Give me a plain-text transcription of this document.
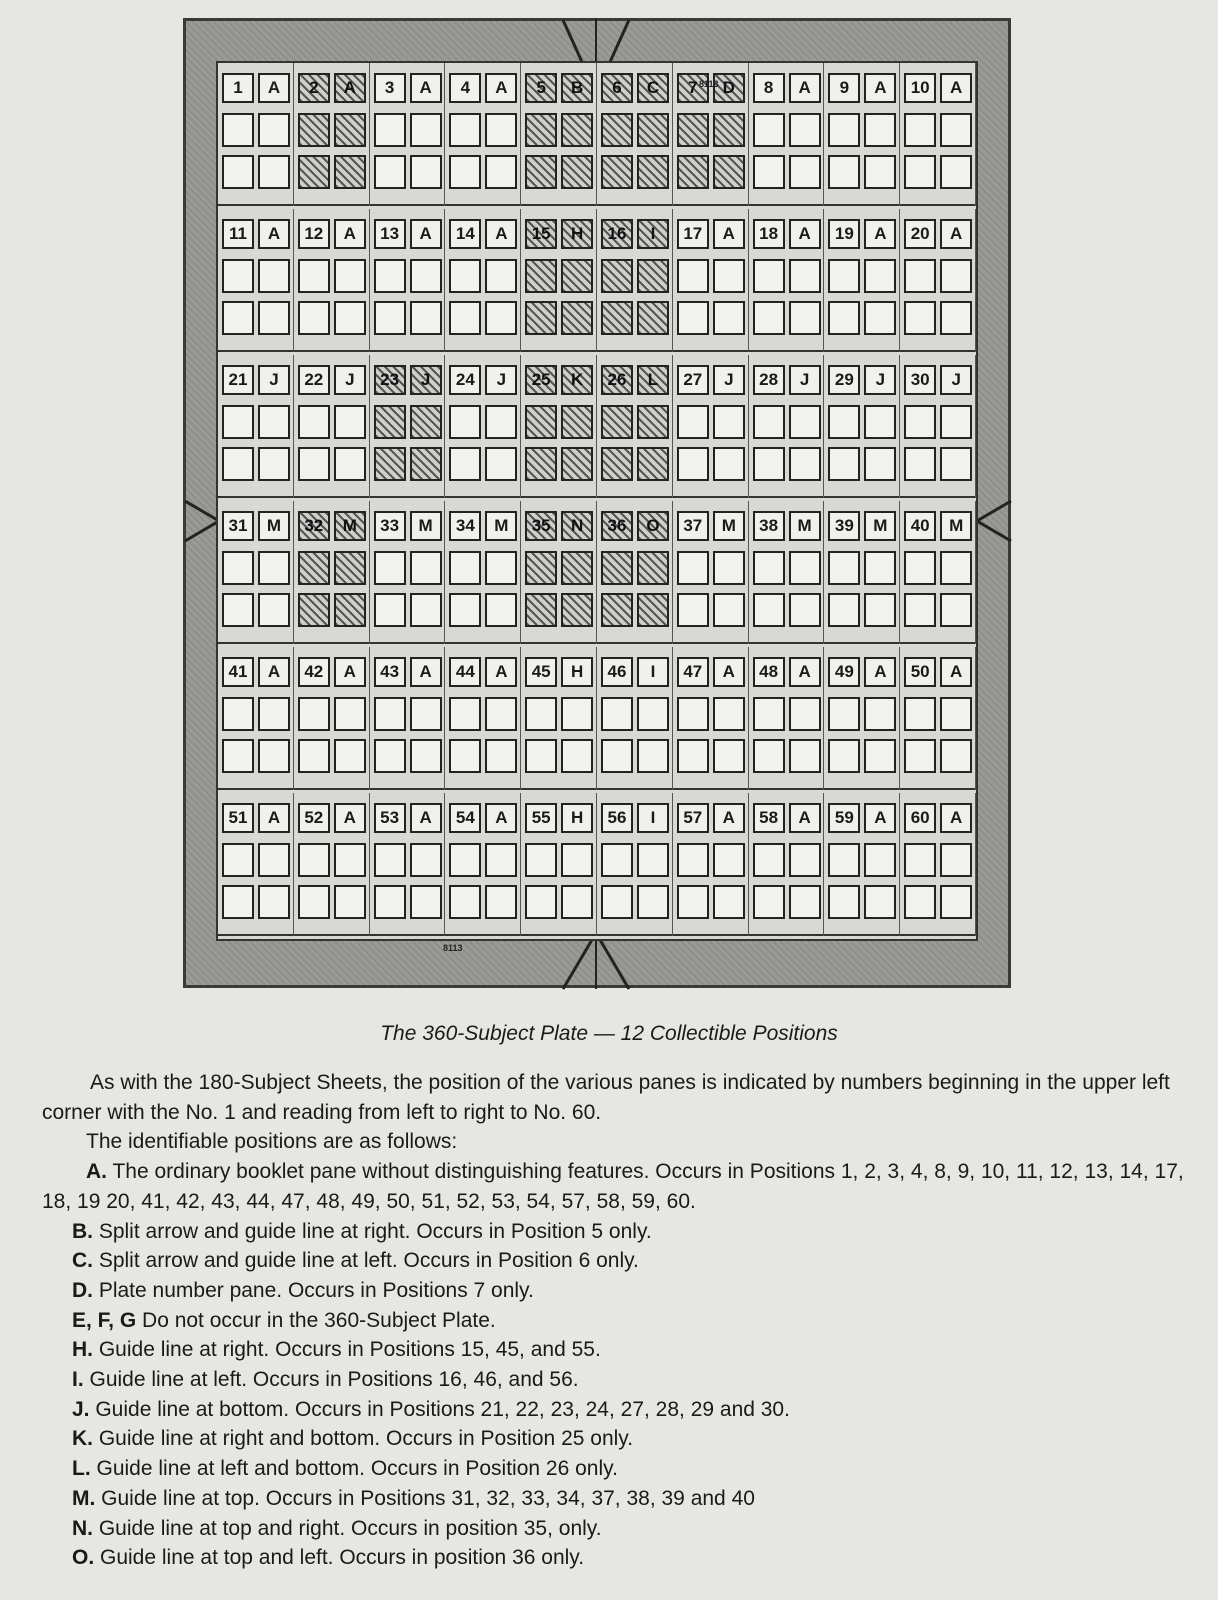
1	A	2	A	3	A	4	A	5	B	6	C	7	D	8	A	9	A	10	A
11	A	12	A	13	A	14	A	15	H	16	I	17	A	18	A	19	A	20	A
21	J	22	J	23	J	24	J	25	K	26	L	27	J	28	J	29	J	30	J
31	M	32	M	33	M	34	M	35	N	36	O	37	M	38	M	39	M	40	M
41	A	42	A	43	A	44	A	45	H	46	I	47	A	48	A	49	A	50	A
51	A	52	A	53	A	54	A	55	H	56	I	57	A	58	A	59	A	60	A
8113
8113
The 360-Subject Plate — 12 Collectible Positions

As with the 180-Subject Sheets, the position of the various panes is indicated by numbers beginning in the upper left corner with the No. 1 and reading from left to right to No. 60.

The identifiable positions are as follows:

A. The ordinary booklet pane without distinguishing features. Occurs in Positions 1, 2, 3, 4, 8, 9, 10, 11, 12, 13, 14, 17, 18, 19 20, 41, 42, 43, 44, 47, 48, 49, 50, 51, 52, 53, 54, 57, 58, 59, 60.

B. Split arrow and guide line at right. Occurs in Position 5 only.

C. Split arrow and guide line at left. Occurs in Position 6 only.

D. Plate number pane. Occurs in Positions 7 only.

E, F, G Do not occur in the 360-Subject Plate.

H. Guide line at right. Occurs in Positions 15, 45, and 55.

I. Guide line at left. Occurs in Positions 16, 46, and 56.

J. Guide line at bottom. Occurs in Positions 21, 22, 23, 24, 27, 28, 29 and 30.

K. Guide line at right and bottom. Occurs in Position 25 only.

L. Guide line at left and bottom. Occurs in Position 26 only.

M. Guide line at top. Occurs in Positions 31, 32, 33, 34, 37, 38, 39 and 40

N. Guide line at top and right. Occurs in position 35, only.

O. Guide line at top and left. Occurs in position 36 only.
